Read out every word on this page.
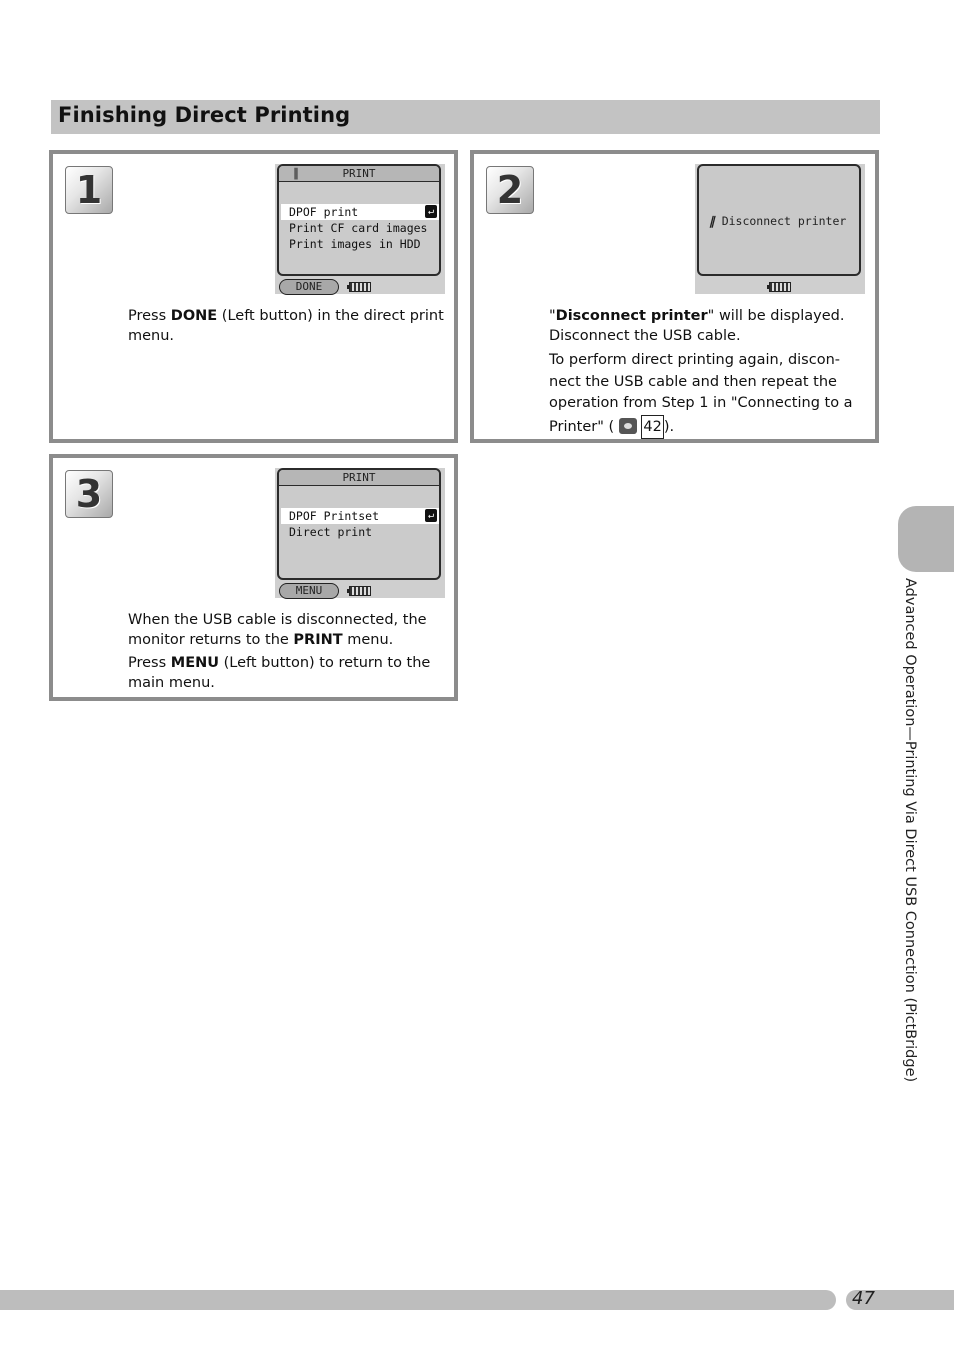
Finishing Direct Printing
1	∥	PRINT
DPOF print	↵
Print CF card images
Print images in HDD
DONE

Press DONE (Left button) in the direct print menu.

2
∥ Disconnect printer

"Disconnect printer" will be displayed. Disconnect the USB cable.

To perform direct printing again, discon-nect the USB cable and then repeat the operation from Step 1 in "Connecting to a Printer" ( 42 ).

3	PRINT
DPOF Printset	↵
Direct print
MENU

When the USB cable is disconnected, the monitor returns to the PRINT menu.

Press MENU (Left button) to return to the main menu.	Advanced Operation—Printing Via Direct USB Connection (PictBridge)
47
